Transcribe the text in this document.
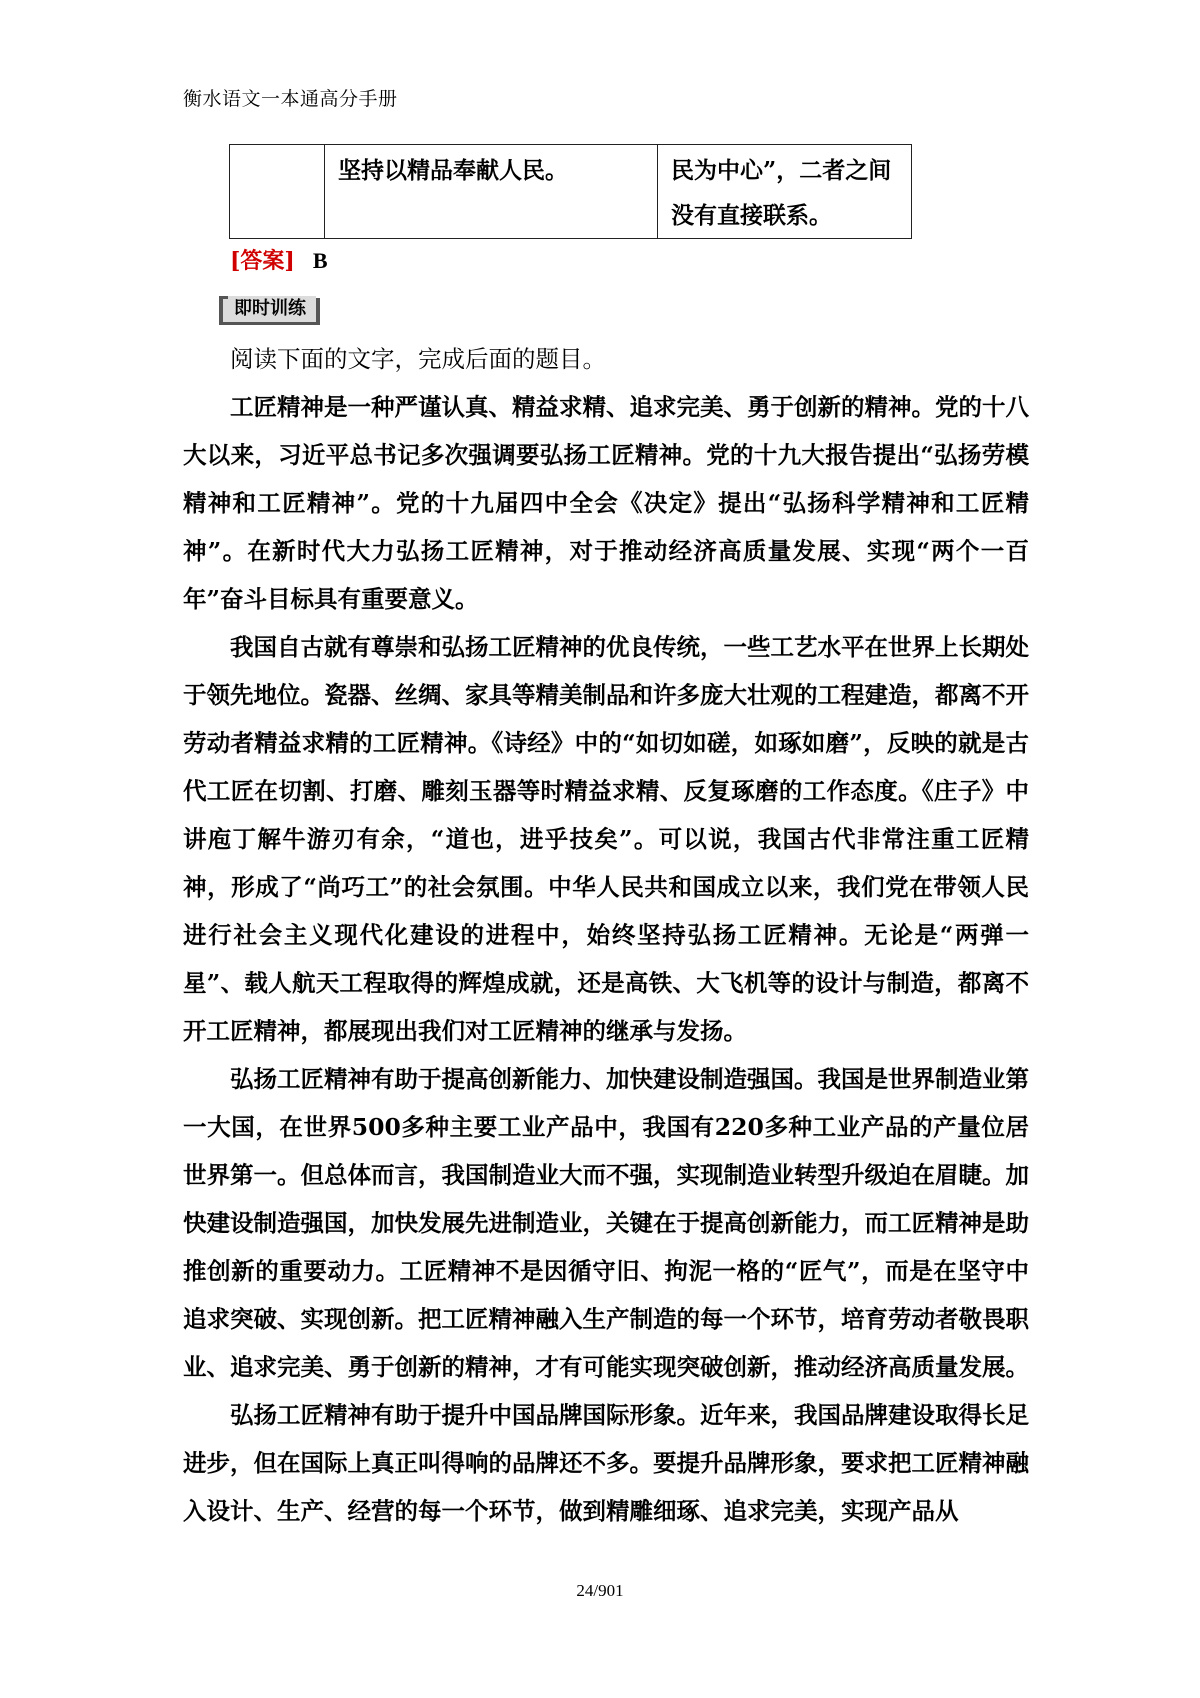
衡水语文一本通高分手册
	坚持以精品奉献人民。	民为中心”，二者之间没有直接联系。
[答案] B
即时训练

阅读下面的文字，完成后面的题目。

工匠精神是一种严谨认真、精益求精、追求完美、勇于创新的精神。党的十八大以来，习近平总书记多次强调要弘扬工匠精神。党的十九大报告提出“弘扬劳模精神和工匠精神”。党的十九届四中全会《决定》提出“弘扬科学精神和工匠精神”。在新时代大力弘扬工匠精神，对于推动经济高质量发展、实现“两个一百年”奋斗目标具有重要意义。

我国自古就有尊崇和弘扬工匠精神的优良传统，一些工艺水平在世界上长期处于领先地位。瓷器、丝绸、家具等精美制品和许多庞大壮观的工程建造，都离不开劳动者精益求精的工匠精神。《诗经》中的“如切如磋，如琢如磨”，反映的就是古代工匠在切割、打磨、雕刻玉器等时精益求精、反复琢磨的工作态度。《庄子》中讲庖丁解牛游刃有余，“道也，进乎技矣”。可以说，我国古代非常注重工匠精神，形成了“尚巧工”的社会氛围。中华人民共和国成立以来，我们党在带领人民进行社会主义现代化建设的进程中，始终坚持弘扬工匠精神。无论是“两弹一星”、载人航天工程取得的辉煌成就，还是高铁、大飞机等的设计与制造，都离不开工匠精神，都展现出我们对工匠精神的继承与发扬。

弘扬工匠精神有助于提高创新能力、加快建设制造强国。我国是世界制造业第一大国，在世界500多种主要工业产品中，我国有220多种工业产品的产量位居世界第一。但总体而言，我国制造业大而不强，实现制造业转型升级迫在眉睫。加快建设制造强国，加快发展先进制造业，关键在于提高创新能力，而工匠精神是助推创新的重要动力。工匠精神不是因循守旧、拘泥一格的“匠气”，而是在坚守中追求突破、实现创新。把工匠精神融入生产制造的每一个环节，培育劳动者敬畏职业、追求完美、勇于创新的精神，才有可能实现突破创新，推动经济高质量发展。

弘扬工匠精神有助于提升中国品牌国际形象。近年来，我国品牌建设取得长足进步，但在国际上真正叫得响的品牌还不多。要提升品牌形象，要求把工匠精神融入设计、生产、经营的每一个环节，做到精雕细琢、追求完美，实现产品从

24/901
